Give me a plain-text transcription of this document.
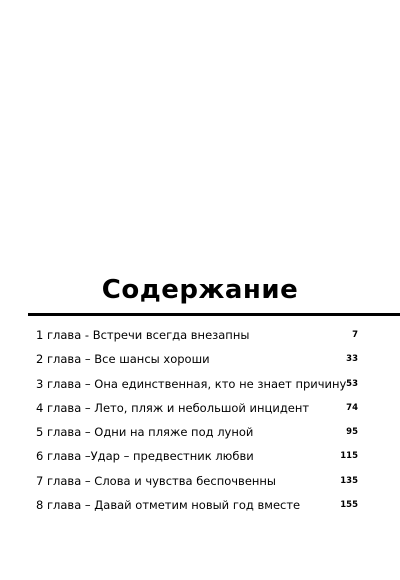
Содержание
1 глава - Встречи всегда внезапны	7
2 глава – Все шансы хороши	33
3 глава – Она единственная, кто не знает причину 53
4 глава – Лето, пляж и небольшой инцидент	74
5 глава – Одни на пляже под луной	95
6 глава –Удар – предвестник любви	115
7 глава – Слова и чувства беспочвенны	135
8 глава – Давай отметим новый год вместе	155
